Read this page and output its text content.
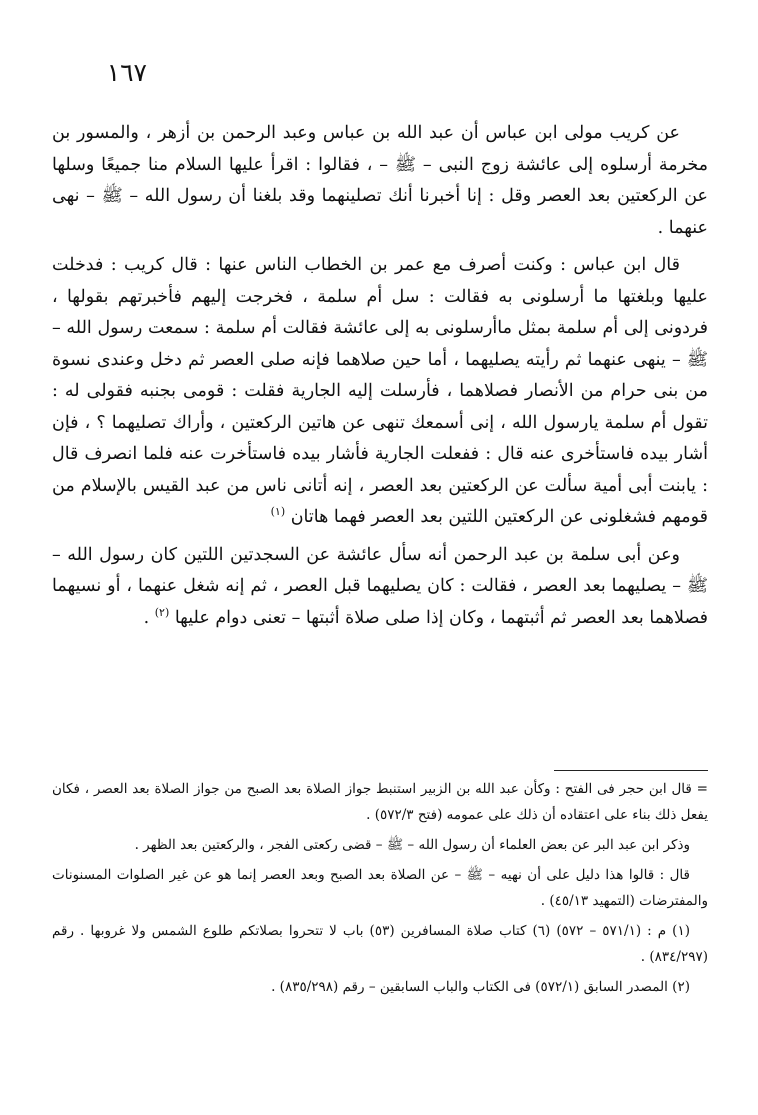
١٦٧

عن كريب مولى ابن عباس أن عبد الله بن عباس وعبد الرحمن بن أزهر ، والمسور بن مخرمة أرسلوه إلى عائشة زوج النبى – ﷺ – ، فقالوا : اقرأ عليها السلام منا جميعًا وسلها عن الركعتين بعد العصر وقل : إنا أخبرنا أنك تصلينهما وقد بلغنا أن رسول الله – ﷺ – نهى عنهما .

قال ابن عباس : وكنت أصرف مع عمر بن الخطاب الناس عنها : قال كريب : فدخلت عليها وبلغتها ما أرسلونى به فقالت : سل أم سلمة ، فخرجت إليهم فأخبرتهم بقولها ، فردونى إلى أم سلمة بمثل ماأرسلونى به إلى عائشة فقالت أم سلمة : سمعت رسول الله – ﷺ – ينهى عنهما ثم رأيته يصليهما ، أما حين صلاهما فإنه صلى العصر ثم دخل وعندى نسوة من بنى حرام من الأنصار فصلاهما ، فأرسلت إليه الجارية فقلت : قومى بجنبه فقولى له : تقول أم سلمة يارسول الله ، إنى أسمعك تنهى عن هاتين الركعتين ، وأراك تصليهما ؟ ، فإن أشار بيده فاستأخرى عنه قال : ففعلت الجارية فأشار بيده فاستأخرت عنه فلما انصرف قال : يابنت أبى أمية سألت عن الركعتين بعد العصر ، إنه أتانى ناس من عبد القيس بالإسلام من قومهم فشغلونى عن الركعتين اللتين بعد العصر فهما هاتان $^{(١)}$

وعن أبى سلمة بن عبد الرحمن أنه سأل عائشة عن السجدتين اللتين كان رسول الله – ﷺ – يصليهما بعد العصر ، فقالت : كان يصليهما قبل العصر ، ثم إنه شغل عنهما ، أو نسيهما فصلاهما بعد العصر ثم أثبتهما ، وكان إذا صلى صلاة أثبتها – تعنى دوام عليها $^{(٢)}$ .

= قال ابن حجر فى الفتح : وكأن عبد الله بن الزبير استنبط جواز الصلاة بعد الصبح من جواز الصلاة بعد العصر ، فكان يفعل ذلك بناء على اعتقاده أن ذلك على عمومه (فتح ٥٧٢/٣) .

وذكر ابن عبد البر عن بعض العلماء أن رسول الله – ﷺ – قضى ركعتى الفجر ، والركعتين بعد الظهر .

قال : قالوا هذا دليل على أن نهيه – ﷺ – عن الصلاة بعد الصبح وبعد العصر إنما هو عن غير الصلوات المسنونات والمفترضات (التمهيد ٤٥/١٣) .

(١) م : (٥٧١/١ – ٥٧٢) (٦) كتاب صلاة المسافرين (٥٣) باب لا تتحروا بصلاتكم طلوع الشمس ولا غروبها . رقم (٨٣٤/٢٩٧) .

(٢) المصدر السابق (٥٧٢/١) فى الكتاب والباب السابقين – رقم (٨٣٥/٢٩٨) .
